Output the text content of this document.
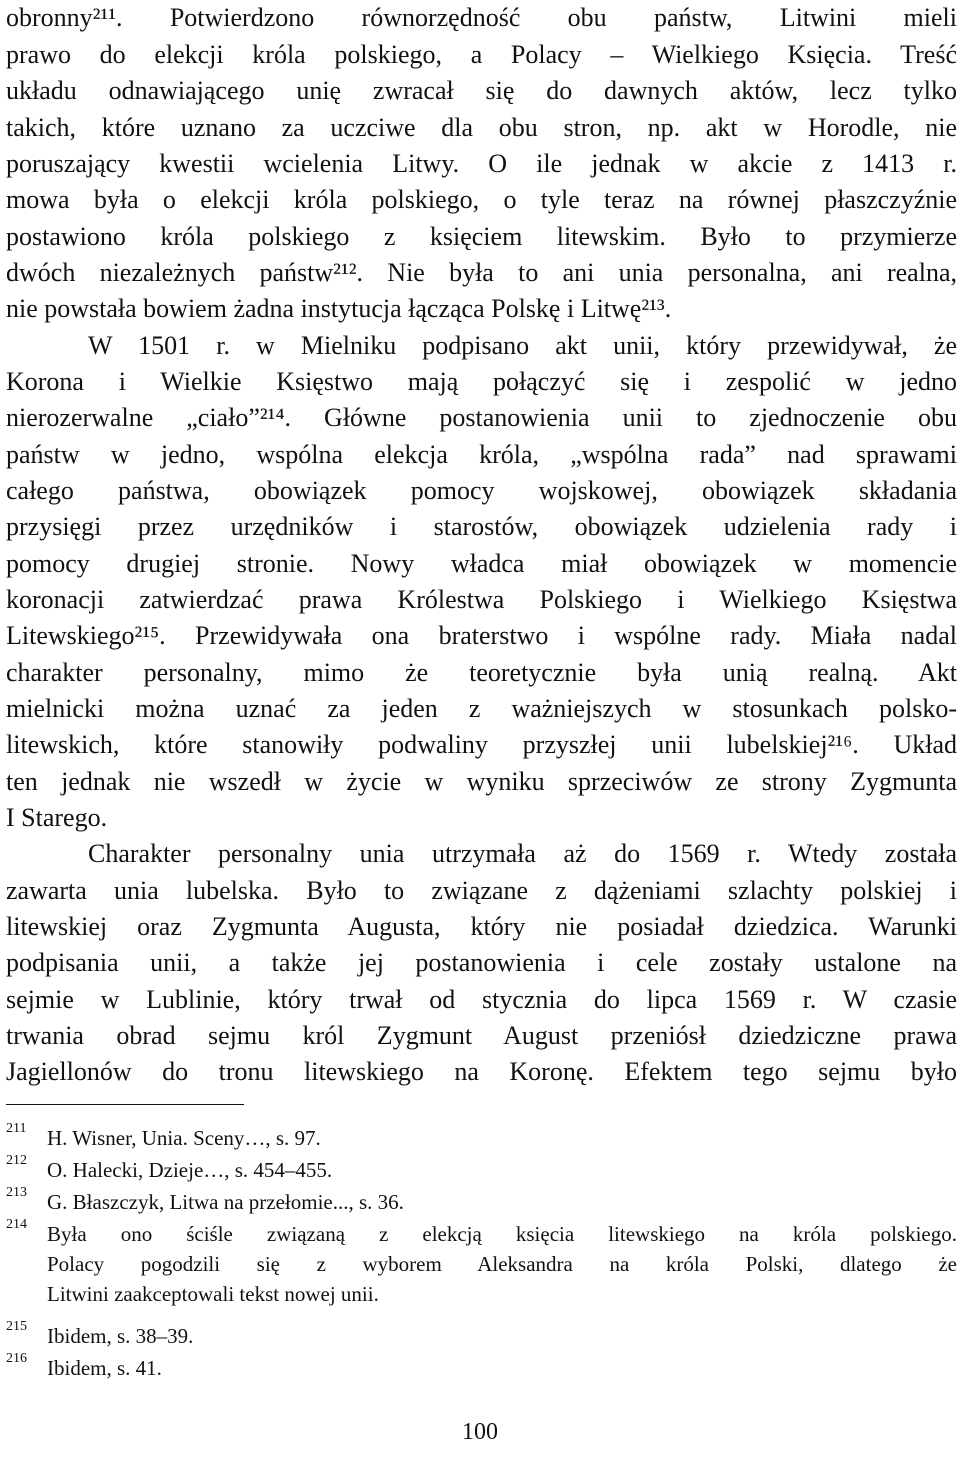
obronny²¹¹. Potwierdzono równorzędność obu państw, Litwini mieli
prawo do elekcji króla polskiego, a Polacy – Wielkiego Księcia. Treść
układu odnawiającego unię zwracał się do dawnych aktów, lecz tylko
takich, które uznano za uczciwe dla obu stron, np. akt w Horodle, nie
poruszający kwestii wcielenia Litwy. O ile jednak w akcie z 1413 r.
mowa była o elekcji króla polskiego, o tyle teraz na równej płaszczyźnie
postawiono króla polskiego z księciem litewskim. Było to przymierze
dwóch niezależnych państw²¹². Nie była to ani unia personalna, ani realna,
nie powstała bowiem żadna instytucja łącząca Polskę i Litwę²¹³.
W 1501 r. w Mielniku podpisano akt unii, który przewidywał, że
Korona i Wielkie Księstwo mają połączyć się i zespolić w jedno
nierozerwalne „ciało”²¹⁴. Główne postanowienia unii to zjednoczenie obu
państw w jedno, wspólna elekcja króla, „wspólna rada” nad sprawami
całego państwa, obowiązek pomocy wojskowej, obowiązek składania
przysięgi przez urzędników i starostów, obowiązek udzielenia rady i
pomocy drugiej stronie. Nowy władca miał obowiązek w momencie
koronacji zatwierdzać prawa Królestwa Polskiego i Wielkiego Księstwa
Litewskiego²¹⁵. Przewidywała ona braterstwo i wspólne rady. Miała nadal
charakter personalny, mimo że teoretycznie była unią realną. Akt
mielnicki można uznać za jeden z ważniejszych w stosunkach polsko-
litewskich, które stanowiły podwaliny przyszłej unii lubelskiej²¹⁶. Układ
ten jednak nie wszedł w życie w wyniku sprzeciwów ze strony Zygmunta
I Starego.
Charakter personalny unia utrzymała aż do 1569 r. Wtedy została
zawarta unia lubelska. Było to związane z dążeniami szlachty polskiej i
litewskiej oraz Zygmunta Augusta, który nie posiadał dziedzica. Warunki
podpisania unii, a także jej postanowienia i cele zostały ustalone na
sejmie w Lublinie, który trwał od stycznia do lipca 1569 r. W czasie
trwania obrad sejmu król Zygmunt August przeniósł dziedziczne prawa
Jagiellonów do tronu litewskiego na Koronę. Efektem tego sejmu było
211 H. Wisner, Unia. Sceny…, s. 97.
212 O. Halecki, Dzieje…, s. 454–455.
213 G. Błaszczyk, Litwa na przełomie..., s. 36.
214 Była ono ściśle związaną z elekcją księcia litewskiego na króla polskiego.
Polacy pogodzili się z wyborem Aleksandra na króla Polski, dlatego że
Litwini zaakceptowali tekst nowej unii.
215 Ibidem, s. 38–39.
216 Ibidem, s. 41.
100
